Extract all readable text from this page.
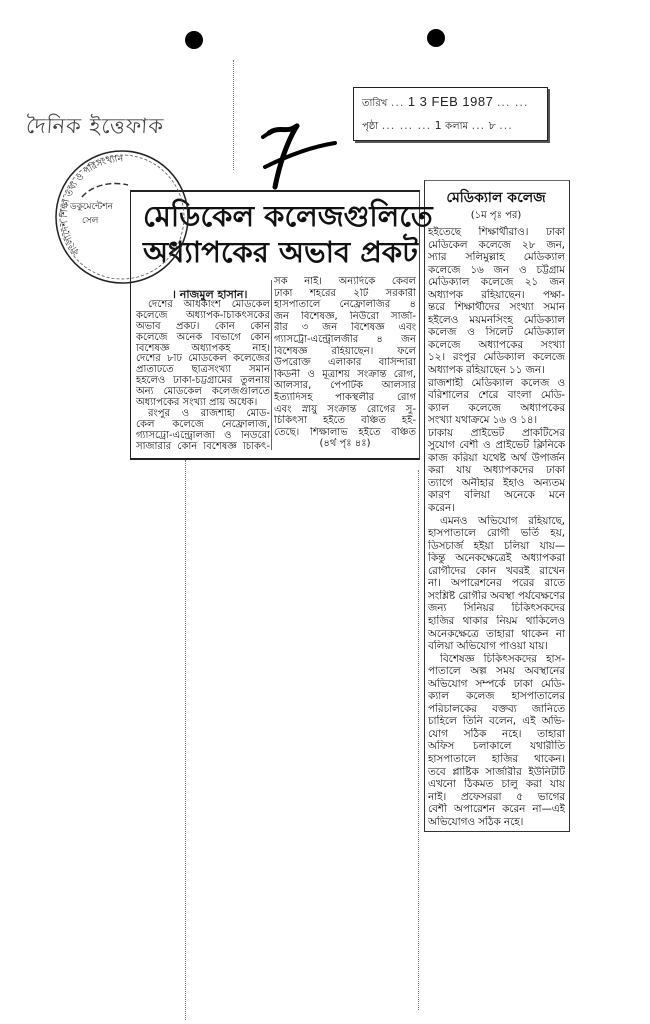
দৈনিক ইত্তেফাক
তারিখ ... 1 3 FEB 1987 ... ...
পৃষ্ঠা ... ... ... 1 কলাম ... ৮ ...
মেডিকেল কলেজগুলিতে
অধ্যাপকের অভাব প্রকট
বাংলাদেশ শিক্ষা তথ্য ও পরিসংখ্যান
ডকুমেন্টেশন
সেল
। নাজমুল হাসান।
দেশের অধিকাংশ মেডিকেল
কলেজে অধ্যাপক-চিকিৎসকের
অভাব প্রকট। কোন কোন
কলেজে অনেক বিভাগে কোন
বিশেষজ্ঞ অধ্যাপকই নাই।
দেশের ৮টি মেডিকেল কলেজের
প্রতিটিতে ছাত্রসংখ্যা সমান
হইলেও ঢাকা-চট্টগ্রামের তুলনায়
অন্য মেডিকেল কলেজগুলিতে
অধ্যাপকের সংখ্যা প্রায় অর্ধেক।
রংপুর ও রাজশাহী মেডি-
কেল কলেজে নেফ্রোলজি,
গ্যাসট্রো-এন্ট্রোলজী ও নিউরো
সার্জারীর কোন বিশেষজ্ঞ চিকিৎ-
সক নাই। অন্যদিকে কেবল
ঢাকা শহরের ২টি সরকারী
হাসপাতালে নেফ্রোলজির ৪
জন বিশেষজ্ঞ, নিউরো সার্জা-
রীর ৩ জন বিশেষজ্ঞ এবং
গ্যাসট্রো-এন্ট্রোলজীর ৪ জন
বিশেষজ্ঞ রহিয়াছেন। ফলে
উপরোক্ত এলাকার বাসিন্দারা
কিডনী ও মূত্রাশয় সংক্রান্ত রোগ,
আলসার, পেপটিক আলসার
ইত্যাদিসহ পাকস্থলীর রোগ
এবং স্নায়ু সংক্রান্ত রোগের সু-
চিকিৎসা হইতে বঞ্চিত হই-
তেছে। শিক্ষালাভ হইতে বঞ্চিত
(৪র্থ পৃঃ ৪ঃ)
মেডিক্যাল কলেজ
(১ম পৃঃ পর)
হইতেছে শিক্ষার্থীরাও। ঢাকা
মেডিকেল কলেজে ২৮ জন,
স্যার সলিমুল্লাহ মেডিক্যাল
কলেজে ১৬ জন ও চট্টগ্রাম
মেডিক্যাল কলেজে ২১ জন
অধ্যাপক রহিয়াছেন। পক্ষা-
ন্তরে শিক্ষার্থীদের সংখ্যা সমান
হইলেও ময়মনসিংহ মেডিক্যাল
কলেজ ও সিলেট মেডিক্যাল
কলেজে অধ্যাপকের সংখ্যা
১২। রংপুর মেডিক্যাল কলেজে
অধ্যাপক রহিয়াছেন ১১ জন।
রাজশাহী মেডিক্যাল কলেজ ও
বরিশালের শেরে বাংলা মেডি-
ক্যাল কলেজে অধ্যাপকের
সংখ্যা যথাক্রমে ১৬ ও ১৪।
ঢাকায় প্রাইভেট প্রাকটিসের
সুযোগ বেশী ও প্রাইভেট ক্লিনিকে
কাজ করিয়া যথেষ্ট অর্থ উপার্জন
করা যায় অধ্যাপকদের ঢাকা
ত্যাগে অনীহার ইহাও অন্যতম
কারণ বলিয়া অনেকে মনে
করেন।
এমনও অভিযোগ রহিয়াছে,
হাসপাতালে রোগী ভর্তি হয়,
ডিসচার্জ হইয়া চলিয়া যায়—
কিন্তু অনেকক্ষেত্রেই অধ্যাপকরা
রোগীদের কোন খবরই রাখেন
না। অপারেশনের পরের রাতে
সংশ্লিষ্ট রোগীর অবস্থা পর্যবেক্ষণের
জন্য সিনিয়র চিকিৎসকদের
হাজির থাকার নিয়ম থাকিলেও
অনেকক্ষেত্রে তাহারা থাকেন না
বলিয়া অভিযোগ পাওয়া যায়।
বিশেষজ্ঞ চিকিৎসকদের হাস-
পাতালে অল্প সময় অবস্থানের
অভিযোগ সম্পর্কে ঢাকা মেডি-
ক্যাল কলেজ হাসপাতালের
পরিচালকের বক্তব্য জানিতে
চাহিলে তিনি বলেন, এই অভি-
যোগ সঠিক নহে। তাহারা
অফিস চলাকালে যথারীতি
হাসপাতালে হাজির থাকেন।
তবে প্লাষ্টিক সার্জারীর ইউনিটটি
এখনো ঠিকমত চালু করা যায়
নাই। প্রফেসররা ৫ ভাগের
বেশী অপারেশন করেন না—এই
অভিযোগও সঠিক নহে।
